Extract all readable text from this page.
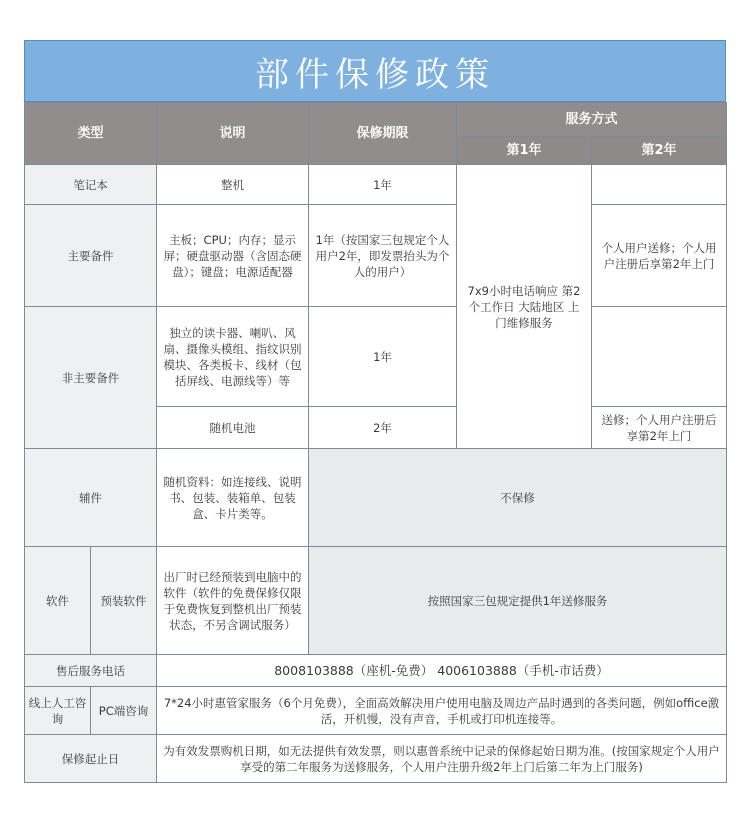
部件保修政策
类型		说明	保修期限	服务方式	
				第1年	第2年
笔记本		整机	1年	7x9小时电话响应 第2个工作日 大陆地区 上门维修服务	
主要备件		主板；CPU；内存；显示屏；硬盘驱动器（含固态硬盘）；键盘；电源适配器	1年（按国家三包规定个人用户2年，即发票抬头为个人的用户）		个人用户送修；个人用户注册后享第2年上门
非主要备件		独立的读卡器、喇叭、风扇、摄像头模组、指纹识别模块、各类板卡、线材（包括屏线、电源线等）等	1年		
		随机电池	2年		送修；个人用户注册后享第2年上门
辅件		随机资料：如连接线、说明书、包装、装箱单、包装盒、卡片类等。	不保修		
软件	预装软件	出厂时已经预装到电脑中的软件（软件的免费保修仅限于免费恢复到整机出厂预装状态，不另含调试服务）	按照国家三包规定提供1年送修服务		
售后服务电话		8008103888（座机-免费） 4006103888（手机-市话费）			
线上人工咨询	PC端咨询	7*24小时惠管家服务（6个月免费），全面高效解决用户使用电脑及周边产品时遇到的各类问题，例如office激活，开机慢，没有声音，手机或打印机连接等。			
保修起止日		为有效发票购机日期，如无法提供有效发票，则以惠普系统中记录的保修起始日期为准。(按国家规定个人用户享受的第二年服务为送修服务，个人用户注册升级2年上门后第二年为上门服务)			
